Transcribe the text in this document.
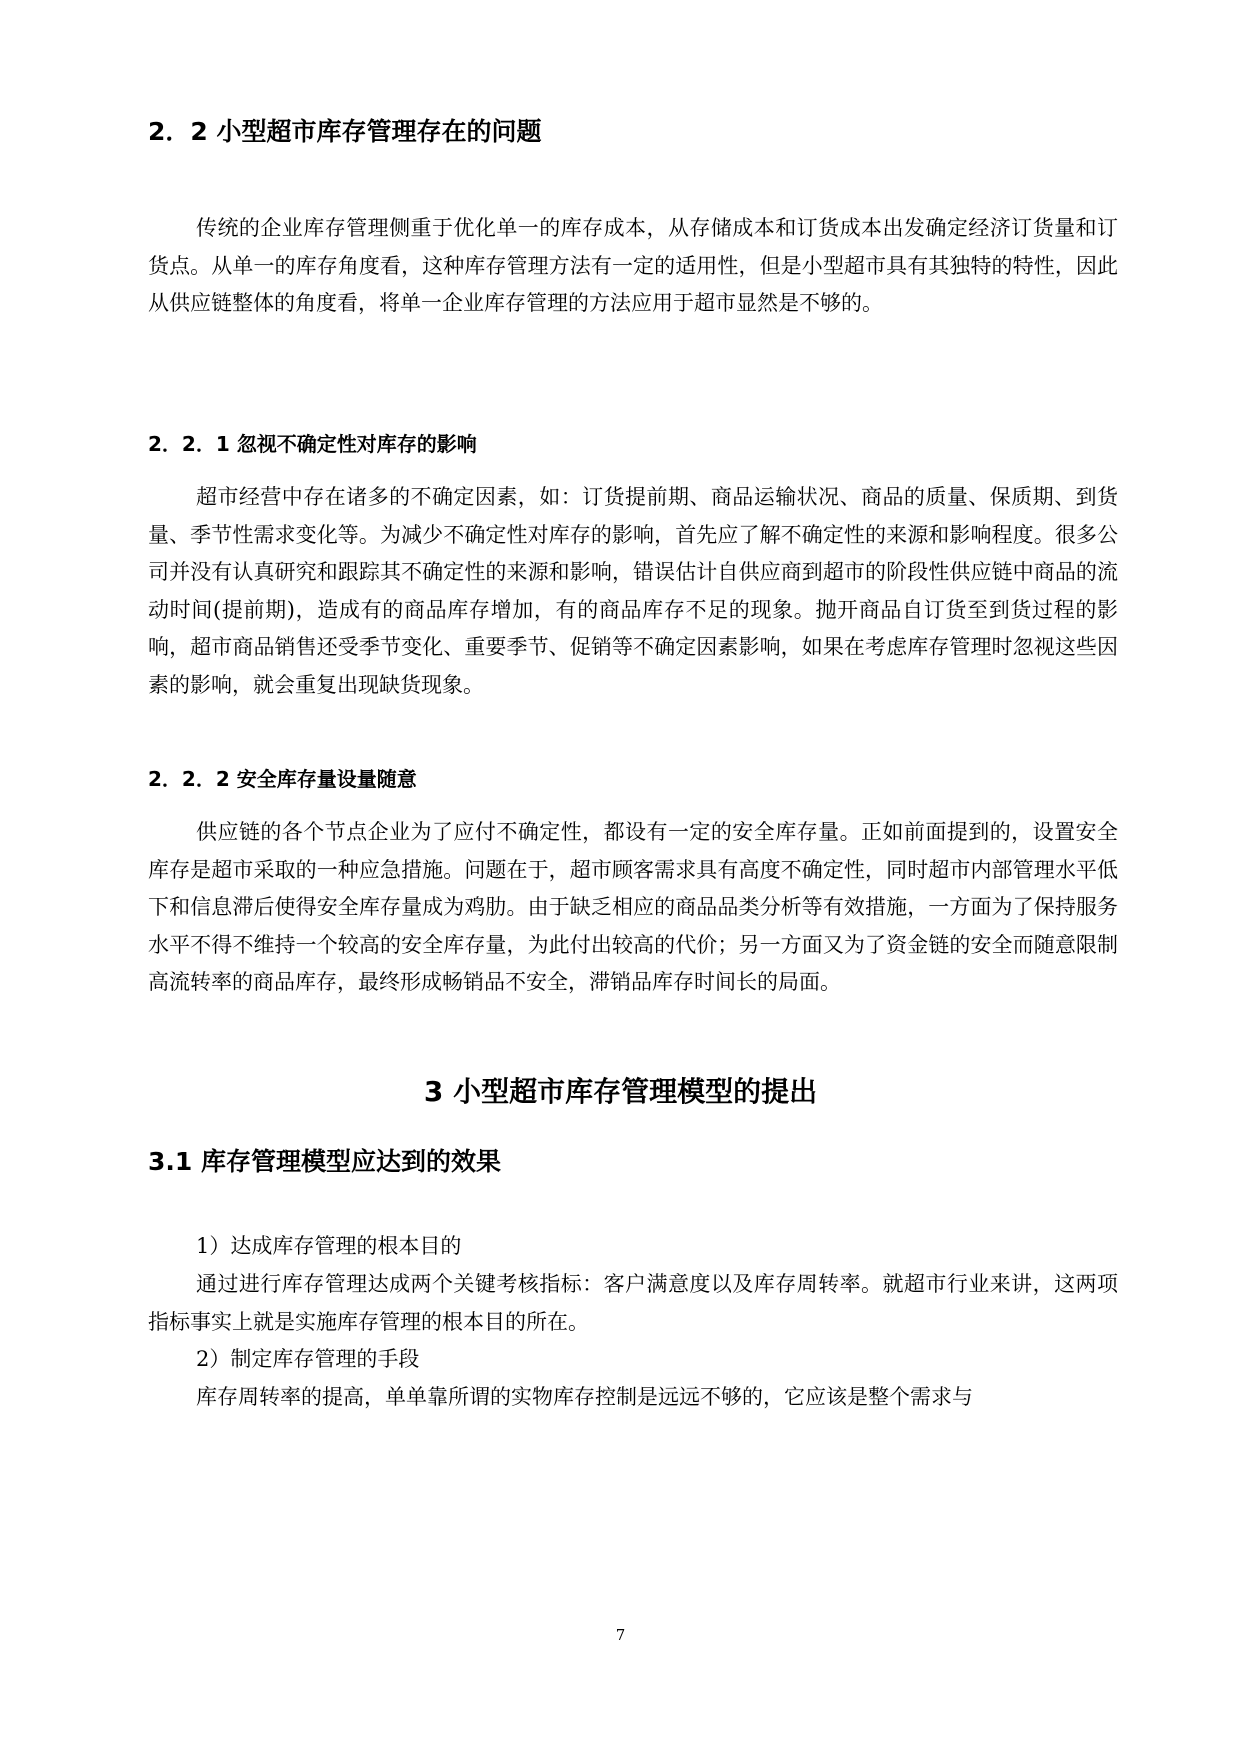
2．2 小型超市库存管理存在的问题

传统的企业库存管理侧重于优化单一的库存成本，从存储成本和订货成本出发确定经济订货量和订货点。从单一的库存角度看，这种库存管理方法有一定的适用性，但是小型超市具有其独特的特性，因此从供应链整体的角度看，将单一企业库存管理的方法应用于超市显然是不够的。

2．2．1 忽视不确定性对库存的影响

超市经营中存在诸多的不确定因素，如：订货提前期、商品运输状况、商品的质量、保质期、到货量、季节性需求变化等。为减少不确定性对库存的影响，首先应了解不确定性的来源和影响程度。很多公司并没有认真研究和跟踪其不确定性的来源和影响，错误估计自供应商到超市的阶段性供应链中商品的流动时间(提前期)，造成有的商品库存增加，有的商品库存不足的现象。抛开商品自订货至到货过程的影响，超市商品销售还受季节变化、重要季节、促销等不确定因素影响，如果在考虑库存管理时忽视这些因素的影响，就会重复出现缺货现象。

2．2．2 安全库存量设量随意

供应链的各个节点企业为了应付不确定性，都设有一定的安全库存量。正如前面提到的，设置安全库存是超市采取的一种应急措施。问题在于，超市顾客需求具有高度不确定性，同时超市内部管理水平低下和信息滞后使得安全库存量成为鸡肋。由于缺乏相应的商品品类分析等有效措施，一方面为了保持服务水平不得不维持一个较高的安全库存量，为此付出较高的代价；另一方面又为了资金链的安全而随意限制高流转率的商品库存，最终形成畅销品不安全，滞销品库存时间长的局面。

3 小型超市库存管理模型的提出
3.1 库存管理模型应达到的效果
1）达成库存管理的根本目的

通过进行库存管理达成两个关键考核指标：客户满意度以及库存周转率。就超市行业来讲，这两项指标事实上就是实施库存管理的根本目的所在。

2）制定库存管理的手段

库存周转率的提高，单单靠所谓的实物库存控制是远远不够的，它应该是整个需求与

7
